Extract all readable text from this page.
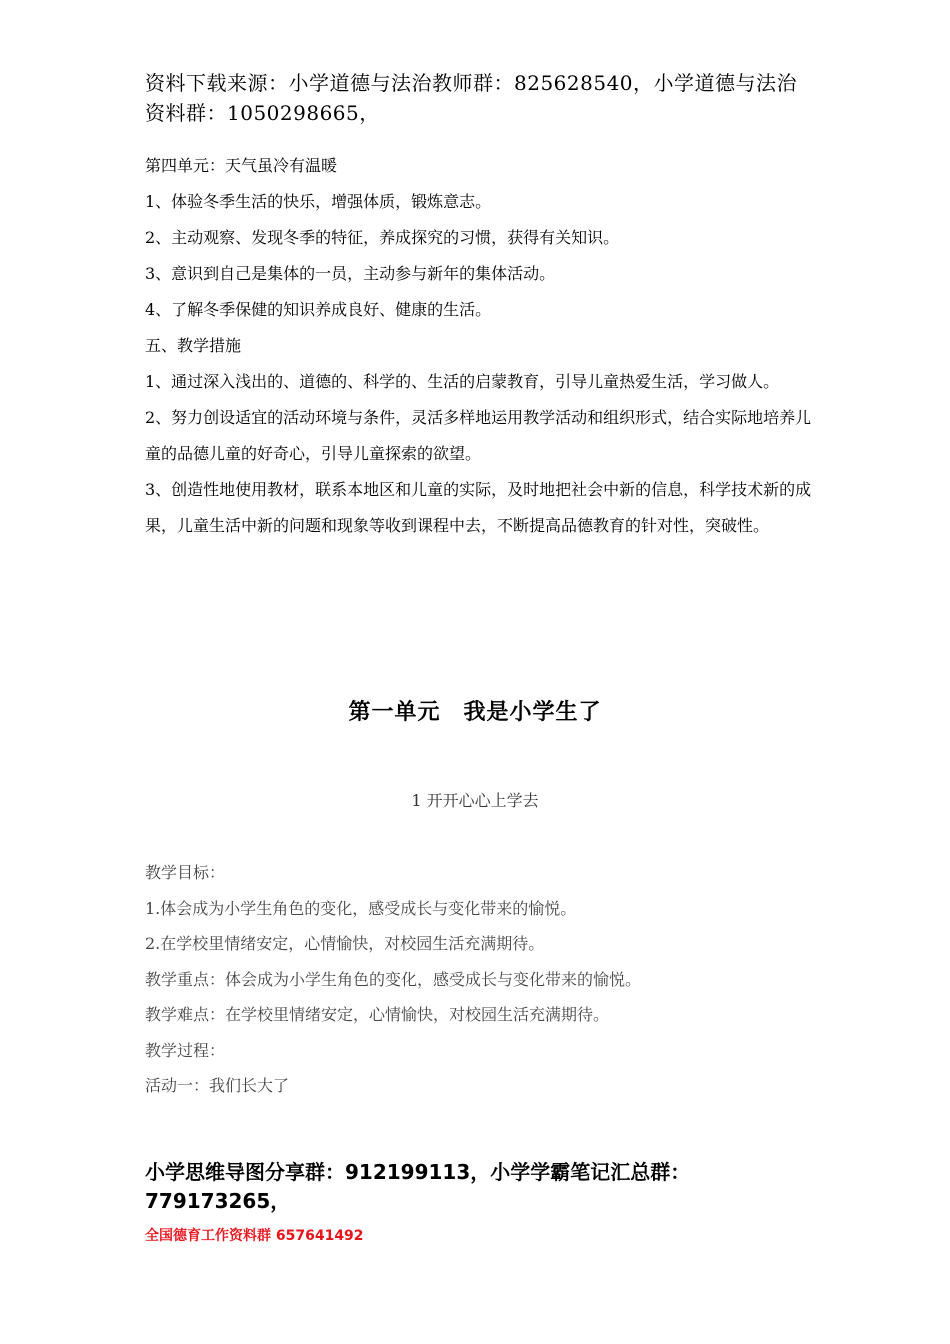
资料下载来源：小学道德与法治教师群：825628540，小学道德与法治资料群：1050298665，

第四单元：天气虽冷有温暖

1、体验冬季生活的快乐，增强体质，锻炼意志。

2、主动观察、发现冬季的特征，养成探究的习惯，获得有关知识。

3、意识到自己是集体的一员，主动参与新年的集体活动。

4、了解冬季保健的知识养成良好、健康的生活。

五、教学措施

1、通过深入浅出的、道德的、科学的、生活的启蒙教育，引导儿童热爱生活，学习做人。

2、努力创设适宜的活动环境与条件，灵活多样地运用教学活动和组织形式，结合实际地培养儿童的品德儿童的好奇心，引导儿童探索的欲望。

3、创造性地使用教材，联系本地区和儿童的实际，及时地把社会中新的信息，科学技术新的成果，儿童生活中新的问题和现象等收到课程中去，不断提高品德教育的针对性，突破性。

第一单元　我是小学生了
1 开开心心上学去

教学目标：

1.体会成为小学生角色的变化，感受成长与变化带来的愉悦。

2.在学校里情绪安定，心情愉快，对校园生活充满期待。

教学重点：体会成为小学生角色的变化，感受成长与变化带来的愉悦。

教学难点：在学校里情绪安定，心情愉快，对校园生活充满期待。

教学过程：

活动一：我们长大了

小学思维导图分享群：912199113，小学学霸笔记汇总群：779173265，
全国德育工作资料群 657641492
